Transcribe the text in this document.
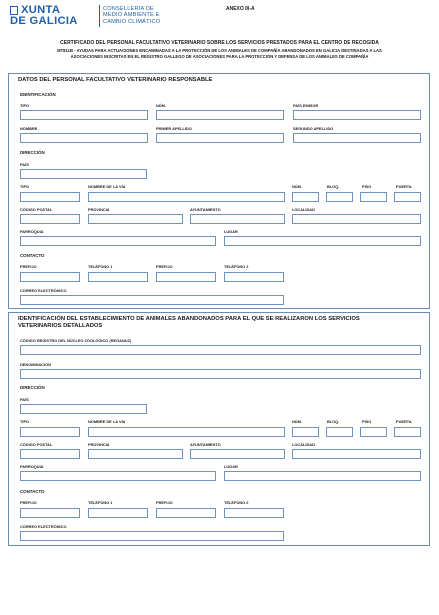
XUNTA
DE GALICIA
CONSELLERÍA DE
MEDIO AMBIENTE E
CAMBIO CLIMÁTICO
ANEXO III-A
CERTIFICADO DEL PERSONAL FACULTATIVO VETERINARIO SOBRE LOS SERVICIOS PRESTADOS PARA EL CENTRO DE RECOGIDA
MT811B - AYUDAS PARA ACTUACIONES ENCAMINADAS A LA PROTECCIÓN DE LOS ANIMALES DE COMPAÑÍA ABANDONADOS EN GALICIA DESTINADAS A LAS
ASOCIACIONES INSCRITAS EN EL REGISTRO GALLEGO DE ASOCIACIONES PARA LA PROTECCIÓN Y DEFENSA DE LOS ANIMALES DE COMPAÑÍA
DATOS DEL PERSONAL FACULTATIVO VETERINARIO RESPONSABLE
IDENTIFICACIÓN
TIPO	NÚM.	PAÍS EMISOR
NOMBRE	PRIMER APELLIDO	SEGUNDO APELLIDO
DIRECCIÓN
PAÍS
TIPO	NOMBRE DE LA VÍA	NÚM.	BLOQ.	PISO	PUERTA
CÓDIGO POSTAL	PROVINCIA	AYUNTAMIENTO	LOCALIDAD
PARROQUIA	LUGAR
CONTACTO
PREFIJO	TELÉFONO 1	PREFIJO	TELÉFONO 2
CORREO ELECTRÓNICO
IDENTIFICACIÓN DEL ESTABLECIMIENTO DE ANIMALES ABANDONADOS PARA EL QUE SE REALIZARON LOS SERVICIOS
VETERINARIOS DETALLADOS
CÓDIGO REGISTRO DEL NÚCLEO ZOOLÓGICO (REGANUZ)
DENOMINACIÓN
DIRECCIÓN
PAÍS
TIPO	NOMBRE DE LA VÍA	NÚM.	BLOQ.	PISO	PUERTA
CÓDIGO POSTAL	PROVINCIA	AYUNTAMIENTO	LOCALIDAD
PARROQUIA	LUGAR
CONTACTO
PREFIJO	TELÉFONO 1	PREFIJO	TELÉFONO 2
CORREO ELECTRÓNICO
